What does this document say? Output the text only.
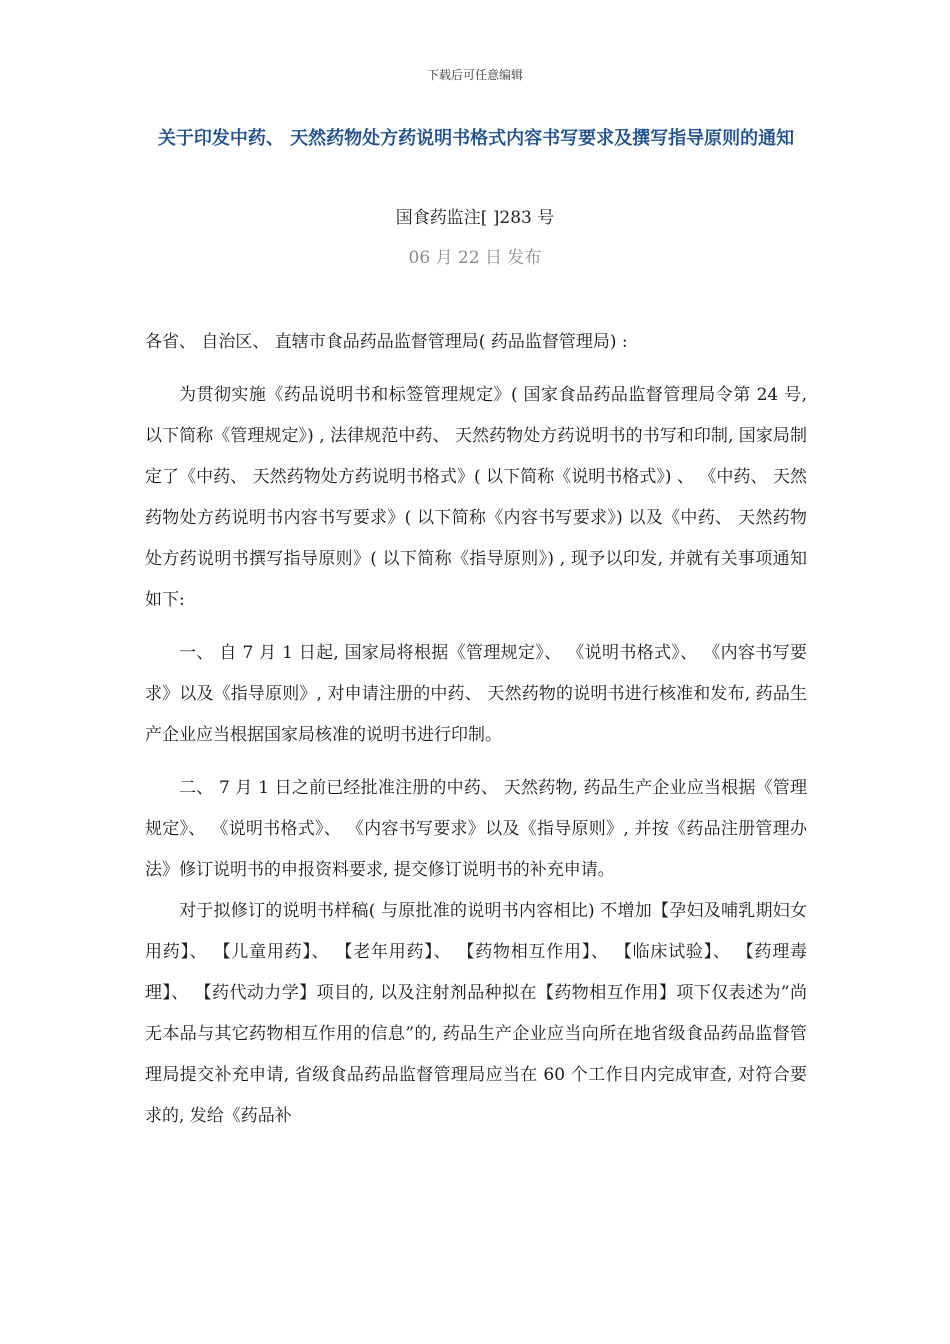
下载后可任意编辑
关于印发中药、 天然药物处方药说明书格式内容书写要求及撰写指导原则的通知
国食药监注[ ]283 号
06 月 22 日 发布

各省、 自治区、 直辖市食品药品监督管理局( 药品监督管理局) :

为贯彻实施《药品说明书和标签管理规定》( 国家食品药品监督管理局令第 24 号, 以下简称《管理规定》) , 法律规范中药、 天然药物处方药说明书的书写和印制, 国家局制定了《中药、 天然药物处方药说明书格式》( 以下简称《说明书格式》) 、 《中药、 天然药物处方药说明书内容书写要求》( 以下简称《内容书写要求》) 以及《中药、 天然药物处方药说明书撰写指导原则》( 以下简称《指导原则》) , 现予以印发, 并就有关事项通知如下:

一、 自 7 月 1 日起, 国家局将根据《管理规定》、 《说明书格式》、 《内容书写要求》以及《指导原则》, 对申请注册的中药、 天然药物的说明书进行核准和发布, 药品生产企业应当根据国家局核准的说明书进行印制。

二、 7 月 1 日之前已经批准注册的中药、 天然药物, 药品生产企业应当根据《管理规定》、 《说明书格式》、 《内容书写要求》以及《指导原则》, 并按《药品注册管理办法》修订说明书的申报资料要求, 提交修订说明书的补充申请。

对于拟修订的说明书样稿( 与原批准的说明书内容相比) 不增加【孕妇及哺乳期妇女用药】、 【儿童用药】、 【老年用药】、 【药物相互作用】、 【临床试验】、 【药理毒理】、 【药代动力学】项目的, 以及注射剂品种拟在【药物相互作用】项下仅表述为”尚无本品与其它药物相互作用的信息”的, 药品生产企业应当向所在地省级食品药品监督管理局提交补充申请, 省级食品药品监督管理局应当在 60 个工作日内完成审查, 对符合要求的, 发给《药品补
